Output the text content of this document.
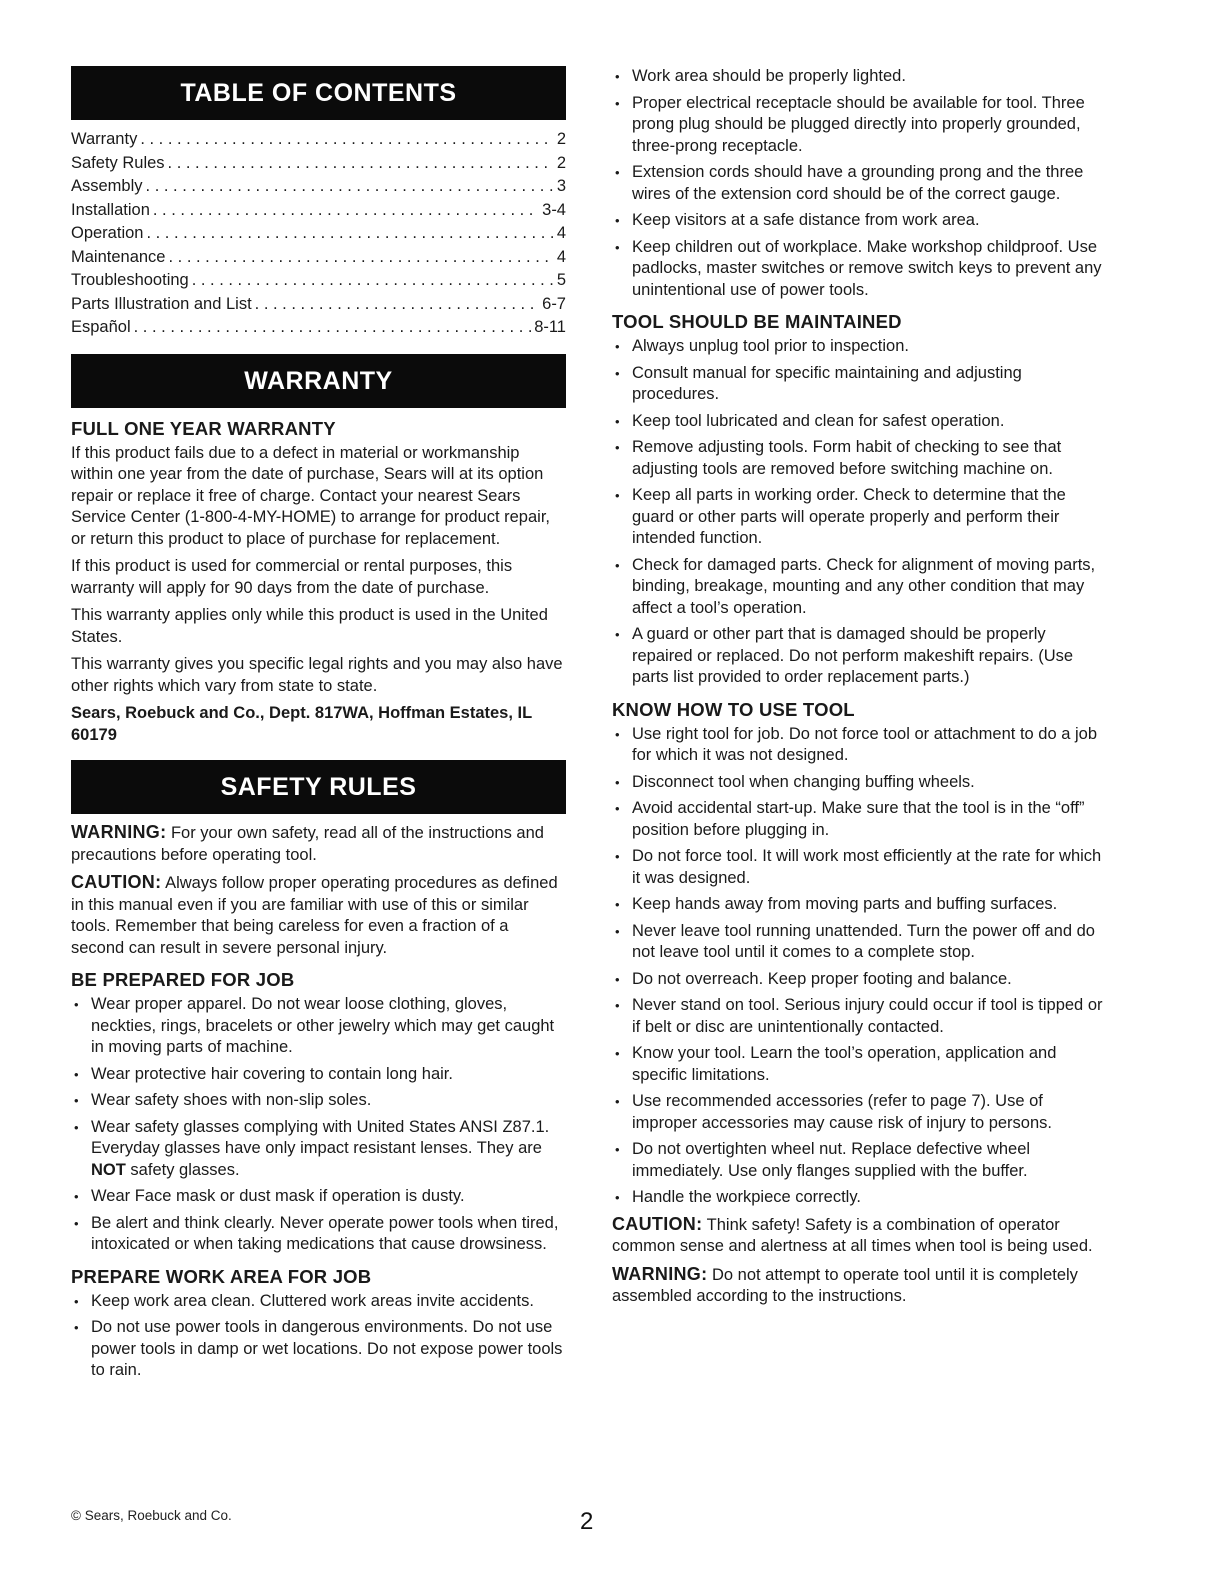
TABLE OF CONTENTS
Warranty . . .	2
Safety Rules . . .	2
Assembly . . .	3
Installation . . .	3-4
Operation . . .	4
Maintenance . . .	4
Troubleshooting . . .	5
Parts Illustration and List . . .	6-7
Español . . .	8-11
WARRANTY
FULL ONE YEAR WARRANTY

If this product fails due to a defect in material or workmanship within one year from the date of purchase, Sears will at its option repair or replace it free of charge. Contact your nearest Sears Service Center (1-800-4-MY-HOME) to arrange for product repair, or return this product to place of purchase for replacement.

If this product is used for commercial or rental purposes, this warranty will apply for 90 days from the date of purchase.

This warranty applies only while this product is used in the United States.

This warranty gives you specific legal rights and you may also have other rights which vary from state to state.

Sears, Roebuck and Co., Dept. 817WA, Hoffman Estates, IL 60179

SAFETY RULES

WARNING: For your own safety, read all of the instructions and precautions before operating tool.

CAUTION: Always follow proper operating procedures as defined in this manual even if you are familiar with use of this or similar tools. Remember that being careless for even a fraction of a second can result in severe personal injury.

BE PREPARED FOR JOB
• Wear proper apparel. Do not wear loose clothing, gloves, neckties, rings, bracelets or other jewelry which may get caught in moving parts of machine.
• Wear protective hair covering to contain long hair.
• Wear safety shoes with non-slip soles.
• Wear safety glasses complying with United States ANSI Z87.1. Everyday glasses have only impact resistant lenses. They are NOT safety glasses.
• Wear Face mask or dust mask if operation is dusty.
• Be alert and think clearly. Never operate power tools when tired, intoxicated or when taking medications that cause drowsiness.
PREPARE WORK AREA FOR JOB
• Keep work area clean. Cluttered work areas invite accidents.
• Do not use power tools in dangerous environments. Do not use power tools in damp or wet locations. Do not expose power tools to rain.
• Work area should be properly lighted.
• Proper electrical receptacle should be available for tool. Three prong plug should be plugged directly into properly grounded, three-prong receptacle.
• Extension cords should have a grounding prong and the three wires of the extension cord should be of the correct gauge.
• Keep visitors at a safe distance from work area.
• Keep children out of workplace. Make workshop childproof. Use padlocks, master switches or remove switch keys to prevent any unintentional use of power tools.
TOOL SHOULD BE MAINTAINED
• Always unplug tool prior to inspection.
• Consult manual for specific maintaining and adjusting procedures.
• Keep tool lubricated and clean for safest operation.
• Remove adjusting tools. Form habit of checking to see that adjusting tools are removed before switching machine on.
• Keep all parts in working order. Check to determine that the guard or other parts will operate properly and perform their intended function.
• Check for damaged parts. Check for alignment of moving parts, binding, breakage, mounting and any other condition that may affect a tool’s operation.
• A guard or other part that is damaged should be properly repaired or replaced. Do not perform makeshift repairs. (Use parts list provided to order replacement parts.)
KNOW HOW TO USE TOOL
• Use right tool for job. Do not force tool or attachment to do a job for which it was not designed.
• Disconnect tool when changing buffing wheels.
• Avoid accidental start-up. Make sure that the tool is in the “off” position before plugging in.
• Do not force tool. It will work most efficiently at the rate for which it was designed.
• Keep hands away from moving parts and buffing surfaces.
• Never leave tool running unattended. Turn the power off and do not leave tool until it comes to a complete stop.
• Do not overreach. Keep proper footing and balance.
• Never stand on tool. Serious injury could occur if tool is tipped or if belt or disc are unintentionally contacted.
• Know your tool. Learn the tool’s operation, application and specific limitations.
• Use recommended accessories (refer to page 7). Use of improper accessories may cause risk of injury to persons.
• Do not overtighten wheel nut. Replace defective wheel immediately. Use only flanges supplied with the buffer.
• Handle the workpiece correctly.

CAUTION: Think safety! Safety is a combination of operator common sense and alertness at all times when tool is being used.

WARNING: Do not attempt to operate tool until it is completely assembled according to the instructions.

© Sears, Roebuck and Co.	2
